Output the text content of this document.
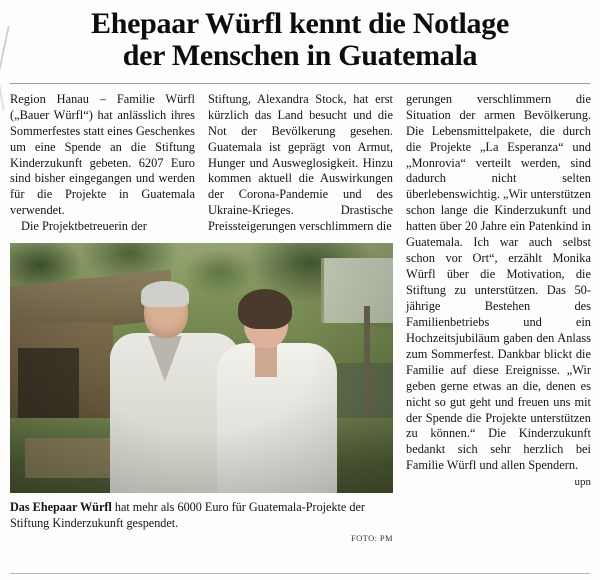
Ehepaar Würfl kennt die Notlage
der Menschen in Guatemala

Region Hanau – Familie Würfl („Bauer Würfl“) hat anlässlich ihres Sommerfestes statt eines Geschenkes um eine Spende an die Stiftung Kinderzukunft gebeten. 6207 Euro sind bisher eingegangen und werden für die Projekte in Guatemala verwendet.

Die Projektbetreuerin der

Stiftung, Alexandra Stock, hat erst kürzlich das Land besucht und die Not der Bevölkerung gesehen. Guatemala ist geprägt von Armut, Hunger und Ausweglosigkeit. Hinzu kommen aktuell die Auswirkungen der Corona-Pandemie und des Ukraine-Krieges. Drastische Preissteigerungen verschlimmern die

Das Ehepaar Würfl hat mehr als 6000 Euro für Guatemala-Projekte der Stiftung Kinderzukunft gespendet.
FOTO: PM

gerungen verschlimmern die Situation der armen Bevölkerung. Die Lebensmittelpakete, die durch die Projekte „La Esperanza“ und „Monrovia“ verteilt werden, sind dadurch nicht selten überlebenswichtig. „Wir unterstützen schon lange die Kinderzukunft und hatten über 20 Jahre ein Patenkind in Guatemala. Ich war auch selbst schon vor Ort“, erzählt Monika Würfl über die Motivation, die Stiftung zu unterstützen. Das 50-jährige Bestehen des Familienbetriebs und ein Hochzeitsjubiläum gaben den Anlass zum Sommerfest. Dankbar blickt die Familie auf diese Ereignisse. „Wir geben gerne etwas an die, denen es nicht so gut geht und freuen uns mit der Spende die Projekte unterstützen zu können.“ Die Kinderzukunft bedankt sich sehr herzlich bei Familie Würfl und allen Spendern.

upn
